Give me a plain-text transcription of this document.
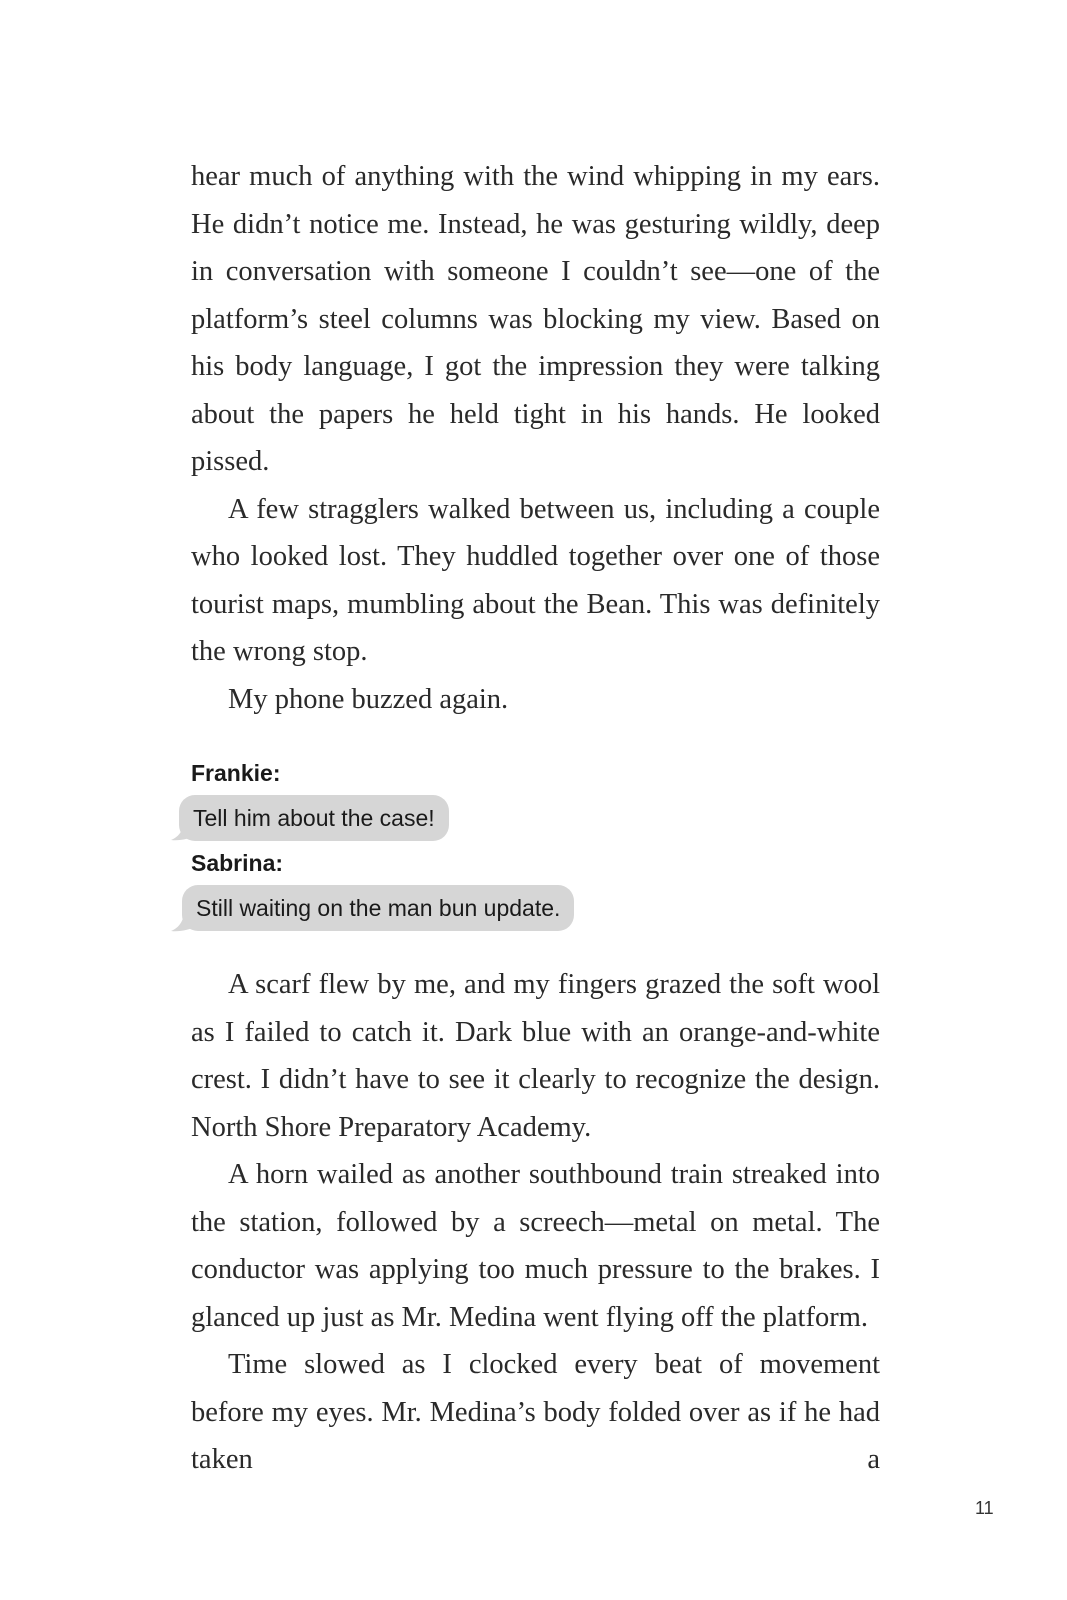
hear much of anything with the wind whipping in my ears. He didn’t notice me. Instead, he was gesturing wildly, deep in conversation with someone I couldn’t see—one of the platform’s steel columns was blocking my view. Based on his body language, I got the impression they were talking about the papers he held tight in his hands. He looked pissed.

A few stragglers walked between us, including a couple who looked lost. They huddled together over one of those tourist maps, mumbling about the Bean. This was definitely the wrong stop.

My phone buzzed again.

Frankie:
Tell him about the case!
Sabrina:
Still waiting on the man bun update.

A scarf flew by me, and my fingers grazed the soft wool as I failed to catch it. Dark blue with an orange-and-white crest. I didn’t have to see it clearly to recognize the design. North Shore Preparatory Academy.

A horn wailed as another southbound train streaked into the station, followed by a screech—metal on metal. The conductor was applying too much pressure to the brakes. I glanced up just as Mr. Medina went flying off the platform.

Time slowed as I clocked every beat of movement before my eyes. Mr. Medina’s body folded over as if he had taken a

11
